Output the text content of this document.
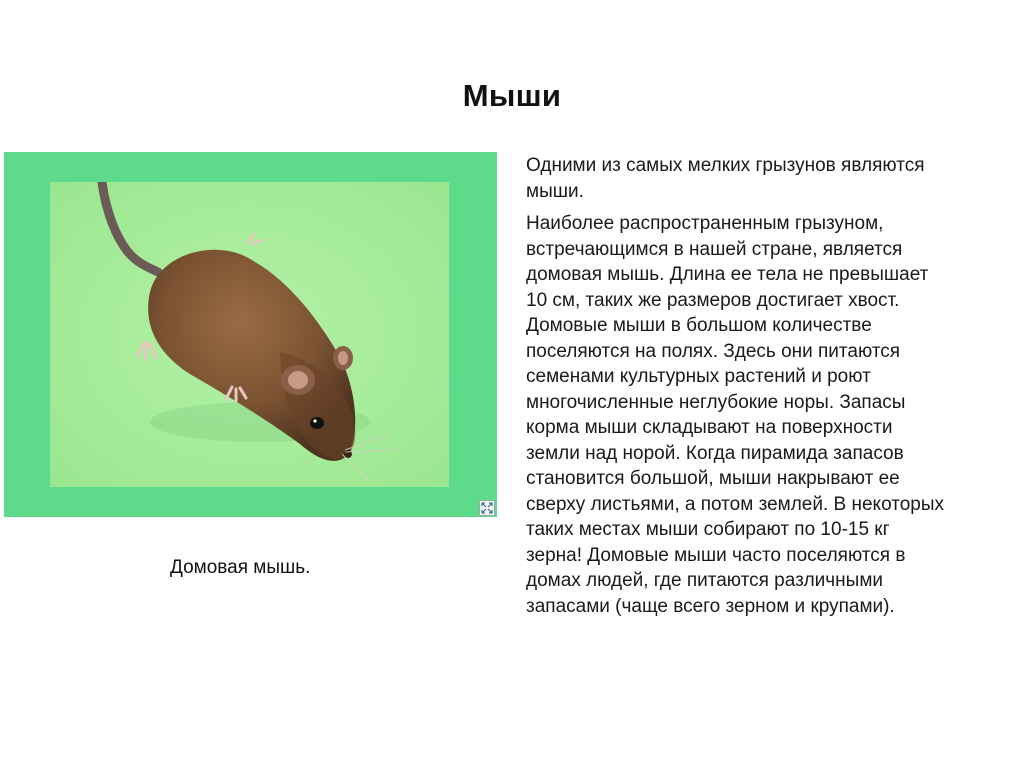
Мыши
Домовая мышь.

Одними из самых мелких грызунов являются
мыши.

Наиболее распространенным грызуном,
встречающимся в нашей стране, является
домовая мышь. Длина ее тела не превышает
10 см, таких же размеров достигает хвост.
Домовые мыши в большом количестве
поселяются на полях. Здесь они питаются
семенами культурных растений и роют
многочисленные неглубокие норы. Запасы
корма мыши складывают на поверхности
земли над норой. Когда пирамида запасов
становится большой, мыши накрывают ее
сверху листьями, а потом землей. В некоторых
таких местах мыши собирают по 10-15 кг
зерна! Домовые мыши часто поселяются в
домах людей, где питаются различными
запасами (чаще всего зерном и крупами).
